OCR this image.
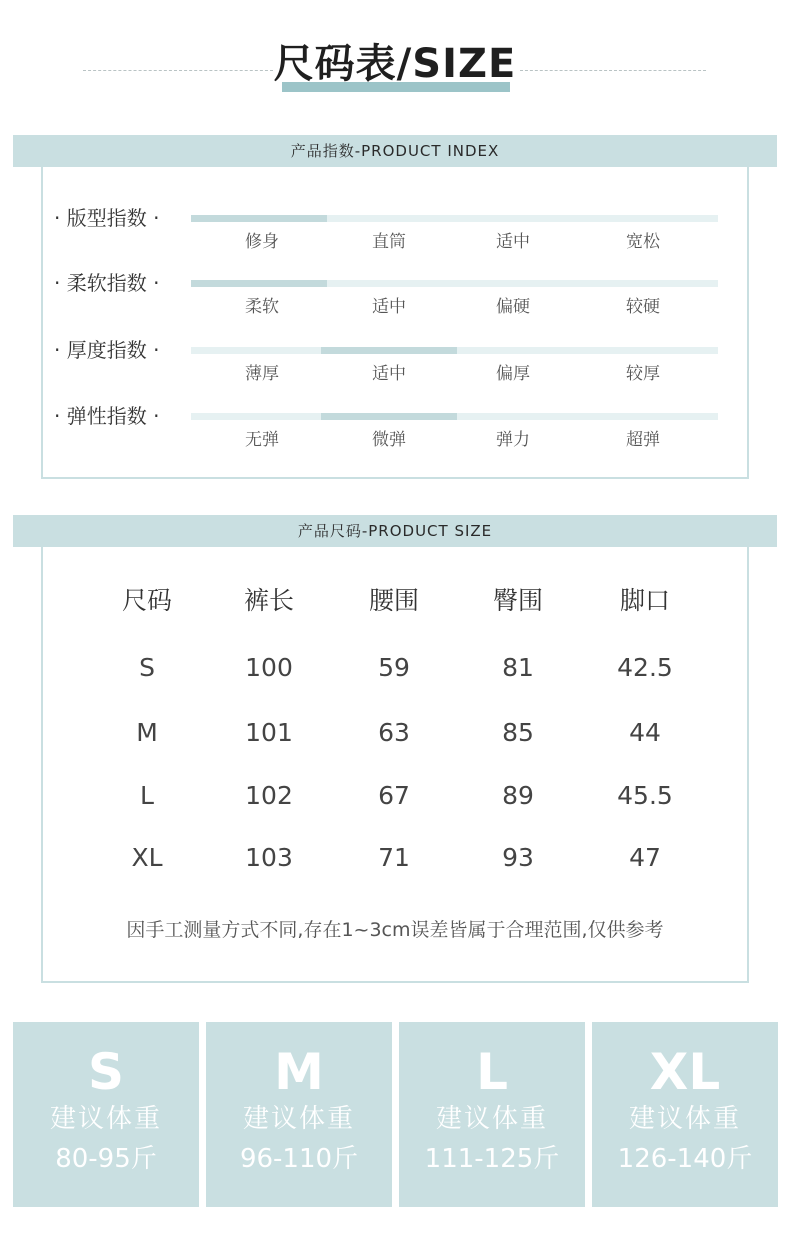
尺码表/SIZE
产品指数-PRODUCT INDEX
· 版型指数 ·
修身	直筒	适中	宽松
· 柔软指数 ·
柔软	适中	偏硬	较硬
· 厚度指数 ·
薄厚	适中	偏厚	较厚
· 弹性指数 ·
无弹	微弹	弹力	超弹
产品尺码-PRODUCT SIZE
尺码	裤长	腰围	臀围	脚口
S	100	59	81	42.5
M	101	63	85	44
L	102	67	89	45.5
XL	103	71	93	47
因手工测量方式不同,存在1~3cm误差皆属于合理范围,仅供参考
S
建议体重
80-95斤
M
建议体重
96-110斤
L
建议体重
111-125斤
XL
建议体重
126-140斤
